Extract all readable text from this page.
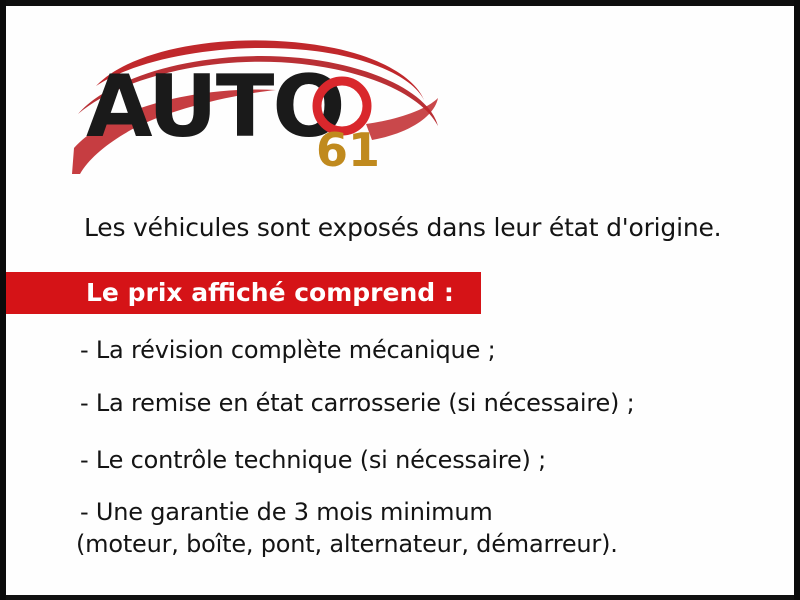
AUTO
61
Les véhicules sont exposés dans leur état d'origine.
Le prix affiché comprend :
- La révision complète mécanique ;
- La remise en état carrosserie (si nécessaire) ;
- Le contrôle technique (si nécessaire) ;
- Une garantie de 3 mois minimum
(moteur, boîte, pont, alternateur, démarreur).
